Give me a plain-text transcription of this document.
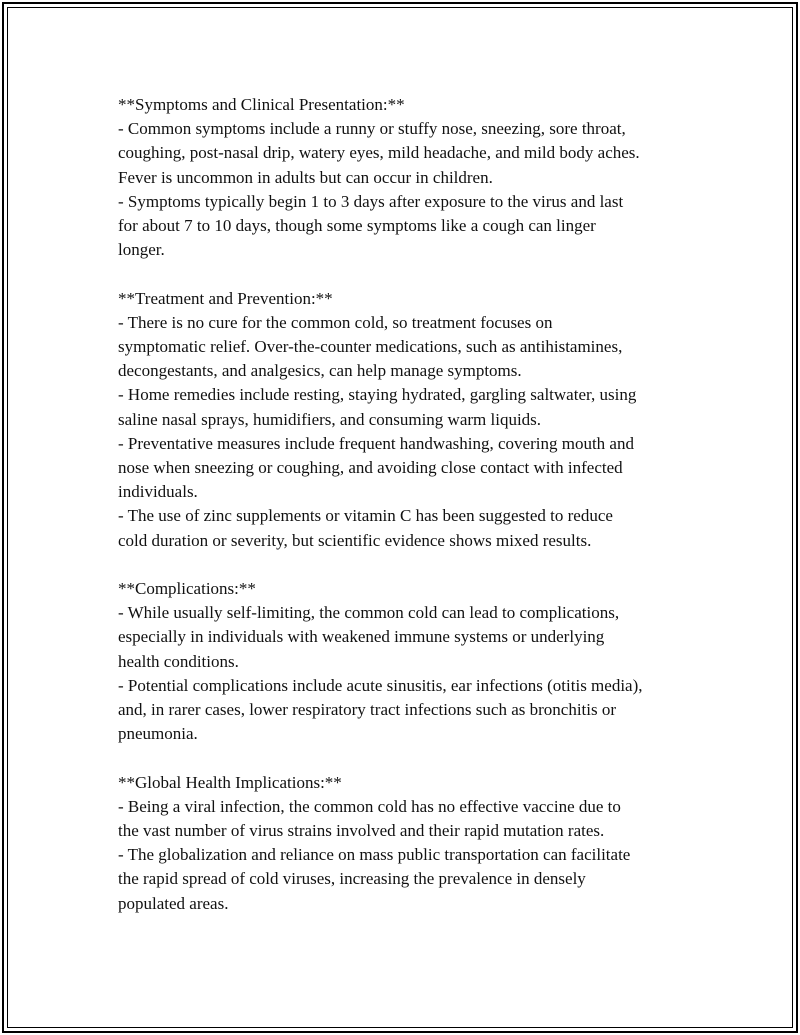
**Symptoms and Clinical Presentation:**
- Common symptoms include a runny or stuffy nose, sneezing, sore throat,
coughing, post-nasal drip, watery eyes, mild headache, and mild body aches.
Fever is uncommon in adults but can occur in children.
- Symptoms typically begin 1 to 3 days after exposure to the virus and last
for about 7 to 10 days, though some symptoms like a cough can linger
longer.
**Treatment and Prevention:**
- There is no cure for the common cold, so treatment focuses on
symptomatic relief. Over-the-counter medications, such as antihistamines,
decongestants, and analgesics, can help manage symptoms.
- Home remedies include resting, staying hydrated, gargling saltwater, using
saline nasal sprays, humidifiers, and consuming warm liquids.
- Preventative measures include frequent handwashing, covering mouth and
nose when sneezing or coughing, and avoiding close contact with infected
individuals.
- The use of zinc supplements or vitamin C has been suggested to reduce
cold duration or severity, but scientific evidence shows mixed results.
**Complications:**
- While usually self-limiting, the common cold can lead to complications,
especially in individuals with weakened immune systems or underlying
health conditions.
- Potential complications include acute sinusitis, ear infections (otitis media),
and, in rarer cases, lower respiratory tract infections such as bronchitis or
pneumonia.
**Global Health Implications:**
- Being a viral infection, the common cold has no effective vaccine due to
the vast number of virus strains involved and their rapid mutation rates.
- The globalization and reliance on mass public transportation can facilitate
the rapid spread of cold viruses, increasing the prevalence in densely
populated areas.
